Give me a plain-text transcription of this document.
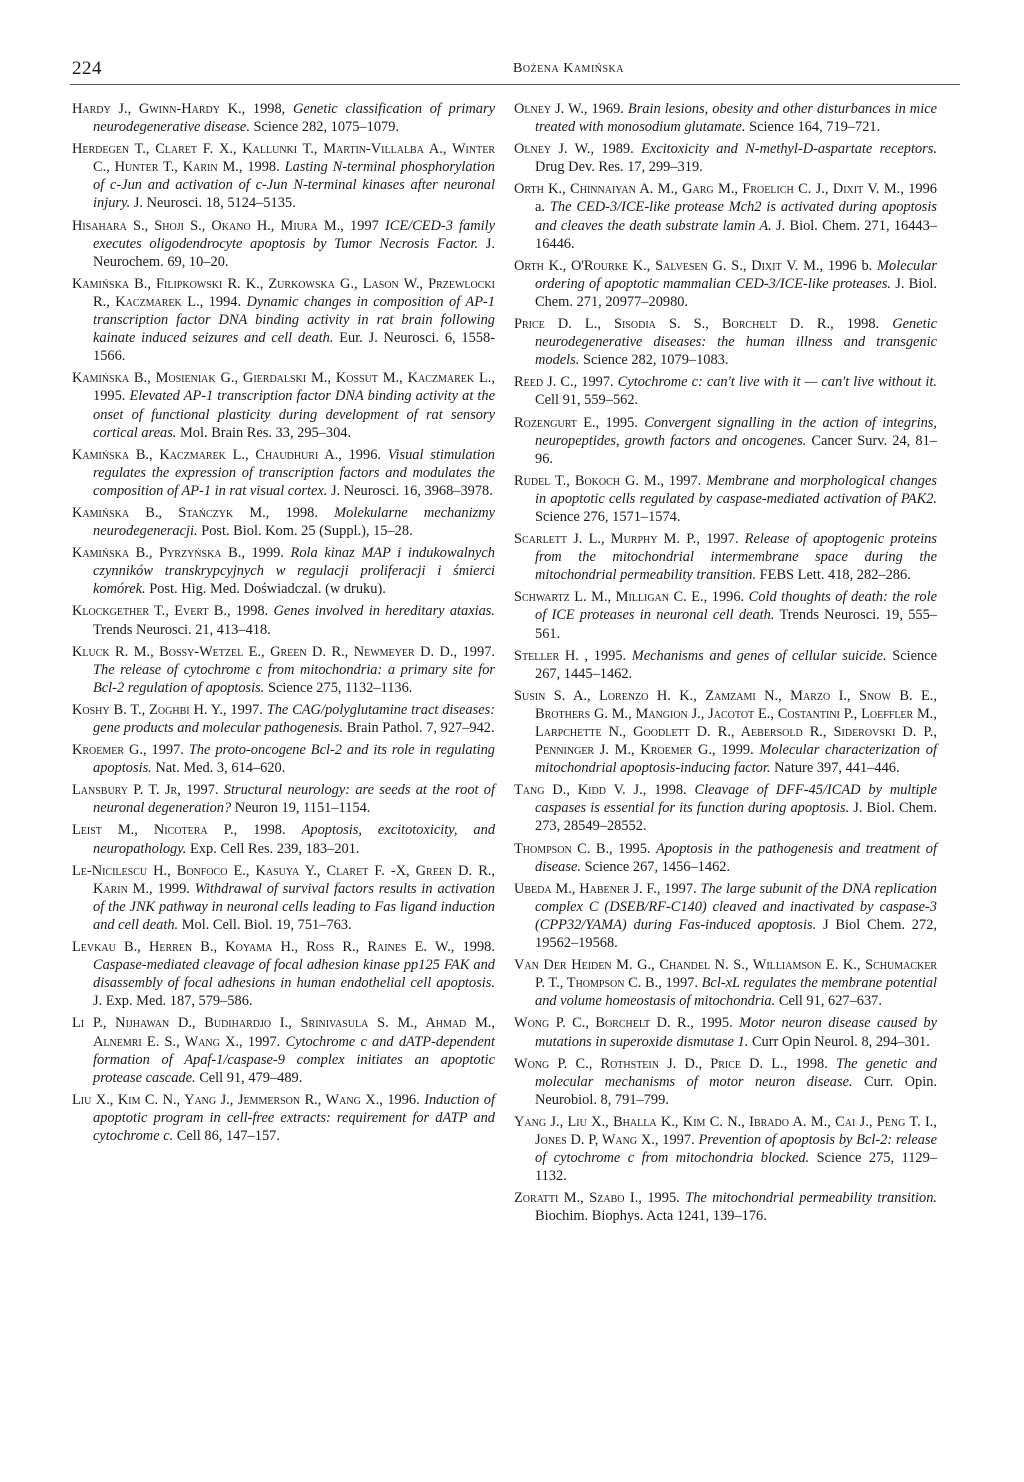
224	Bożena Kamińska

Hardy J., Gwinn-Hardy K., 1998, Genetic classification of primary neurodegenerative disease. Science 282, 1075–1079.

Herdegen T., Claret F. X., Kallunki T., Martin-Villalba A., Winter C., Hunter T., Karin M., 1998. Lasting N-terminal phosphorylation of c-Jun and activation of c-Jun N-terminal kinases after neuronal injury. J. Neurosci. 18, 5124–5135.

Hisahara S., Shoji S., Okano H., Miura M., 1997 ICE/CED-3 family executes oligodendrocyte apoptosis by Tumor Necrosis Factor. J. Neurochem. 69, 10–20.

Kamińska B., Filipkowski R. K., Zurkowska G., Lason W., Przewlocki R., Kaczmarek L., 1994. Dynamic changes in composition of AP-1 transcription factor DNA binding activity in rat brain following kainate induced seizures and cell death. Eur. J. Neurosci. 6, 1558-1566.

Kamińska B., Mosieniak G., Gierdalski M., Kossut M., Kaczmarek L., 1995. Elevated AP-1 transcription factor DNA binding activity at the onset of functional plasticity during development of rat sensory cortical areas. Mol. Brain Res. 33, 295–304.

Kamińska B., Kaczmarek L., Chaudhuri A., 1996. Visual stimulation regulates the expression of transcription factors and modulates the composition of AP-1 in rat visual cortex. J. Neurosci. 16, 3968–3978.

Kamińska B., Stańczyk M., 1998. Molekularne mechanizmy neurodegeneracji. Post. Biol. Kom. 25 (Suppl.), 15–28.

Kamińska B., Pyrzyńska B., 1999. Rola kinaz MAP i indukowalnych czynników transkrypcyjnych w regulacji proliferacji i śmierci komórek. Post. Hig. Med. Doświadczal. (w druku).

Klockgether T., Evert B., 1998. Genes involved in hereditary ataxias. Trends Neurosci. 21, 413–418.

Kluck R. M., Bossy-Wetzel E., Green D. R., Newmeyer D. D., 1997. The release of cytochrome c from mitochondria: a primary site for Bcl-2 regulation of apoptosis. Science 275, 1132–1136.

Koshy B. T., Zoghbi H. Y., 1997. The CAG/polyglutamine tract diseases: gene products and molecular pathogenesis. Brain Pathol. 7, 927–942.

Kroemer G., 1997. The proto-oncogene Bcl-2 and its role in regulating apoptosis. Nat. Med. 3, 614–620.

Lansbury P. T. Jr, 1997. Structural neurology: are seeds at the root of neuronal degeneration? Neuron 19, 1151–1154.

Leist M., Nicotera P., 1998. Apoptosis, excitotoxicity, and neuropathology. Exp. Cell Res. 239, 183–201.

Le-Nicilescu H., Bonfoco E., Kasuya Y., Claret F. -X, Green D. R., Karin M., 1999. Withdrawal of survival factors results in activation of the JNK pathway in neuronal cells leading to Fas ligand induction and cell death. Mol. Cell. Biol. 19, 751–763.

Levkau B., Herren B., Koyama H., Ross R., Raines E. W., 1998. Caspase-mediated cleavage of focal adhesion kinase pp125 FAK and disassembly of focal adhesions in human endothelial cell apoptosis. J. Exp. Med. 187, 579–586.

Li P., Nijhawan D., Budihardjo I., Srinivasula S. M., Ahmad M., Alnemri E. S., Wang X., 1997. Cytochrome c and dATP-dependent formation of Apaf-1/caspase-9 complex initiates an apoptotic protease cascade. Cell 91, 479–489.

Liu X., Kim C. N., Yang J., Jemmerson R., Wang X., 1996. Induction of apoptotic program in cell-free extracts: requirement for dATP and cytochrome c. Cell 86, 147–157.

Olney J. W., 1969. Brain lesions, obesity and other disturbances in mice treated with monosodium glutamate. Science 164, 719–721.

Olney J. W., 1989. Excitoxicity and N-methyl-D-aspartate receptors. Drug Dev. Res. 17, 299–319.

Orth K., Chinnaiyan A. M., Garg M., Froelich C. J., Dixit V. M., 1996 a. The CED-3/ICE-like protease Mch2 is activated during apoptosis and cleaves the death substrate lamin A. J. Biol. Chem. 271, 16443–16446.

Orth K., O'Rourke K., Salvesen G. S., Dixit V. M., 1996 b. Molecular ordering of apoptotic mammalian CED-3/ICE-like proteases. J. Biol. Chem. 271, 20977–20980.

Price D. L., Sisodia S. S., Borchelt D. R., 1998. Genetic neurodegenerative diseases: the human illness and transgenic models. Science 282, 1079–1083.

Reed J. C., 1997. Cytochrome c: can't live with it — can't live without it. Cell 91, 559–562.

Rozengurt E., 1995. Convergent signalling in the action of integrins, neuropeptides, growth factors and oncogenes. Cancer Surv. 24, 81–96.

Rudel T., Bokoch G. M., 1997. Membrane and morphological changes in apoptotic cells regulated by caspase-mediated activation of PAK2. Science 276, 1571–1574.

Scarlett J. L., Murphy M. P., 1997. Release of apoptogenic proteins from the mitochondrial intermembrane space during the mitochondrial permeability transition. FEBS Lett. 418, 282–286.

Schwartz L. M., Milligan C. E., 1996. Cold thoughts of death: the role of ICE proteases in neuronal cell death. Trends Neurosci. 19, 555–561.

Steller H. , 1995. Mechanisms and genes of cellular suicide. Science 267, 1445–1462.

Susin S. A., Lorenzo H. K., Zamzami N., Marzo I., Snow B. E., Brothers G. M., Mangion J., Jacotot E., Costantini P., Loeffler M., Larpchette N., Goodlett D. R., Aebersold R., Siderovski D. P., Penninger J. M., Kroemer G., 1999. Molecular characterization of mitochondrial apoptosis-inducing factor. Nature 397, 441–446.

Tang D., Kidd V. J., 1998. Cleavage of DFF-45/ICAD by multiple caspases is essential for its function during apoptosis. J. Biol. Chem. 273, 28549–28552.

Thompson C. B., 1995. Apoptosis in the pathogenesis and treatment of disease. Science 267, 1456–1462.

Ubeda M., Habener J. F., 1997. The large subunit of the DNA replication complex C (DSEB/RF-C140) cleaved and inactivated by caspase-3 (CPP32/YAMA) during Fas-induced apoptosis. J Biol Chem. 272, 19562–19568.

Van Der Heiden M. G., Chandel N. S., Williamson E. K., Schumacker P. T., Thompson C. B., 1997. Bcl-xL regulates the membrane potential and volume homeostasis of mitochondria. Cell 91, 627–637.

Wong P. C., Borchelt D. R., 1995. Motor neuron disease caused by mutations in superoxide dismutase 1. Curr Opin Neurol. 8, 294–301.

Wong P. C., Rothstein J. D., Price D. L., 1998. The genetic and molecular mechanisms of motor neuron disease. Curr. Opin. Neurobiol. 8, 791–799.

Yang J., Liu X., Bhalla K., Kim C. N., Ibrado A. M., Cai J., Peng T. I., Jones D. P, Wang X., 1997. Prevention of apoptosis by Bcl-2: release of cytochrome c from mitochondria blocked. Science 275, 1129–1132.

Zoratti M., Szabo I., 1995. The mitochondrial permeability transition. Biochim. Biophys. Acta 1241, 139–176.
